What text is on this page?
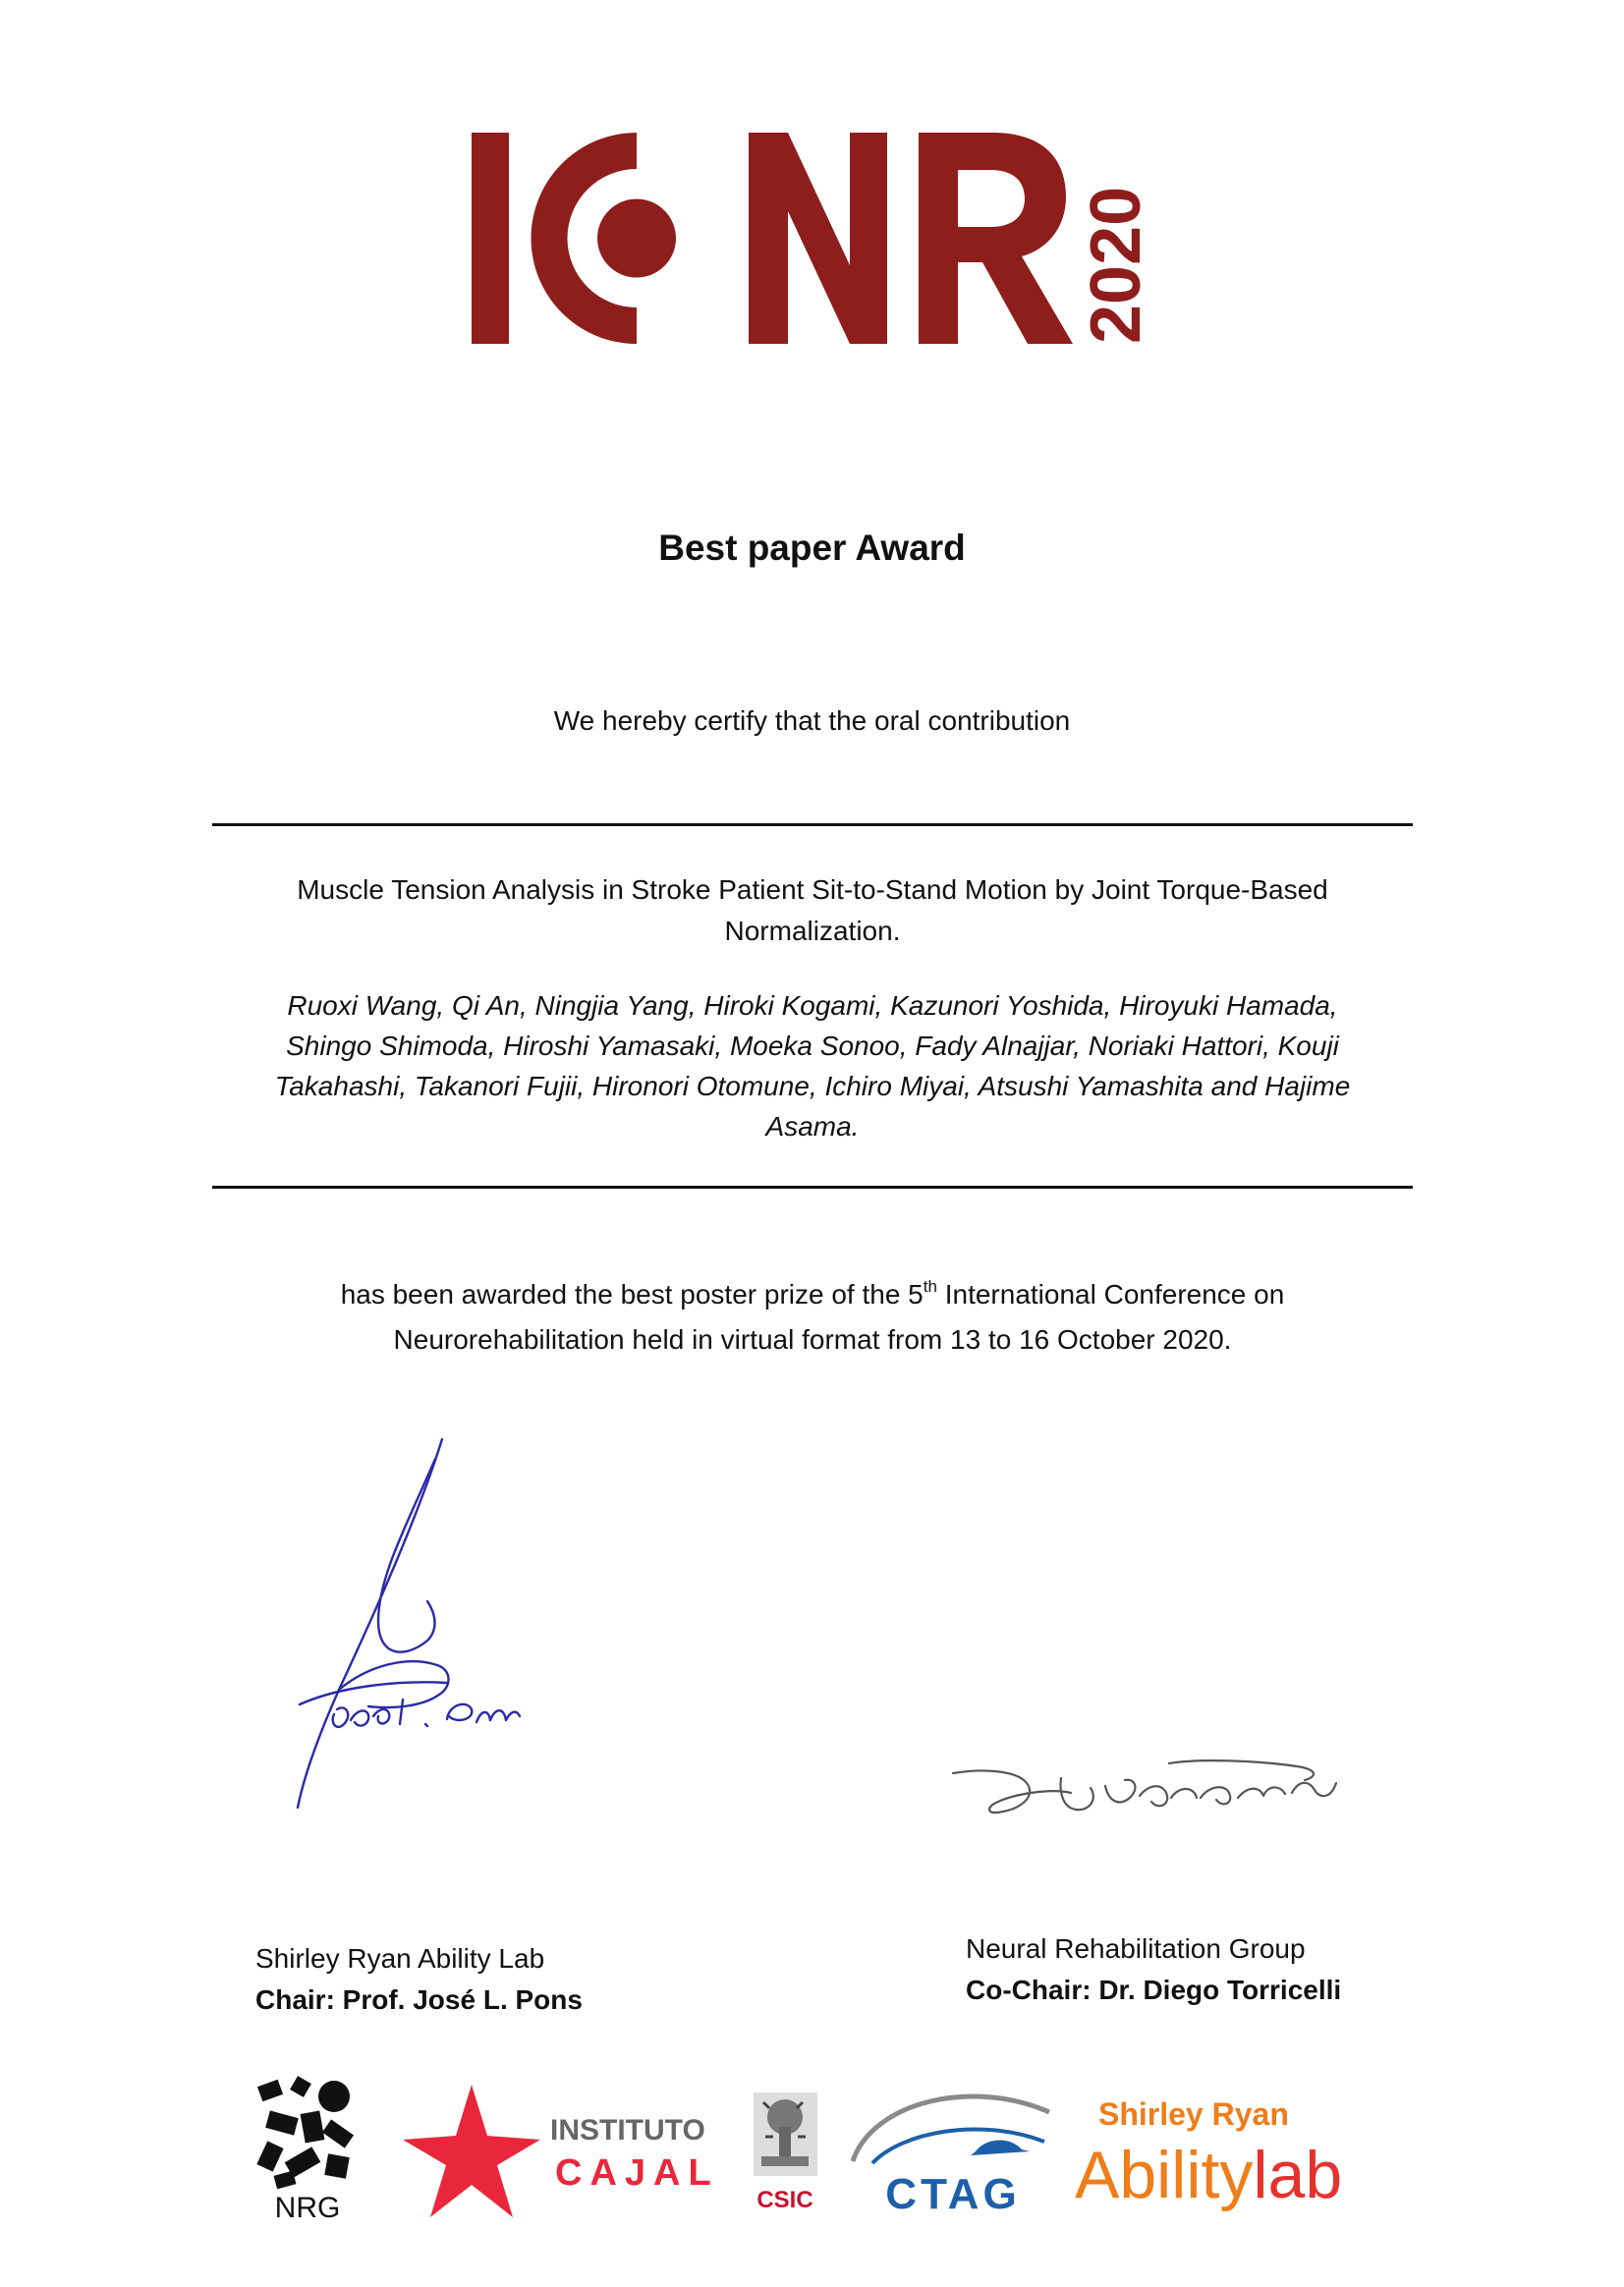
2020
Best paper Award
We hereby certify that the oral contribution
Muscle Tension Analysis in Stroke Patient Sit-to-Stand Motion by Joint Torque-Based
Normalization.
Ruoxi Wang, Qi An, Ningjia Yang, Hiroki Kogami, Kazunori Yoshida, Hiroyuki Hamada,
Shingo Shimoda, Hiroshi Yamasaki, Moeka Sonoo, Fady Alnajjar, Noriaki Hattori, Kouji
Takahashi, Takanori Fujii, Hironori Otomune, Ichiro Miyai, Atsushi Yamashita and Hajime
Asama.
has been awarded the best poster prize of the 5th International Conference on
Neurorehabilitation held in virtual format from 13 to 16 October 2020.
Shirley Ryan Ability Lab
Chair: Prof. José L. Pons
Neural Rehabilitation Group
Co-Chair: Dr. Diego Torricelli
NRG
INSTITUTO
CAJAL
CSIC CTAG
Shirley Ryan
Abilitylab
